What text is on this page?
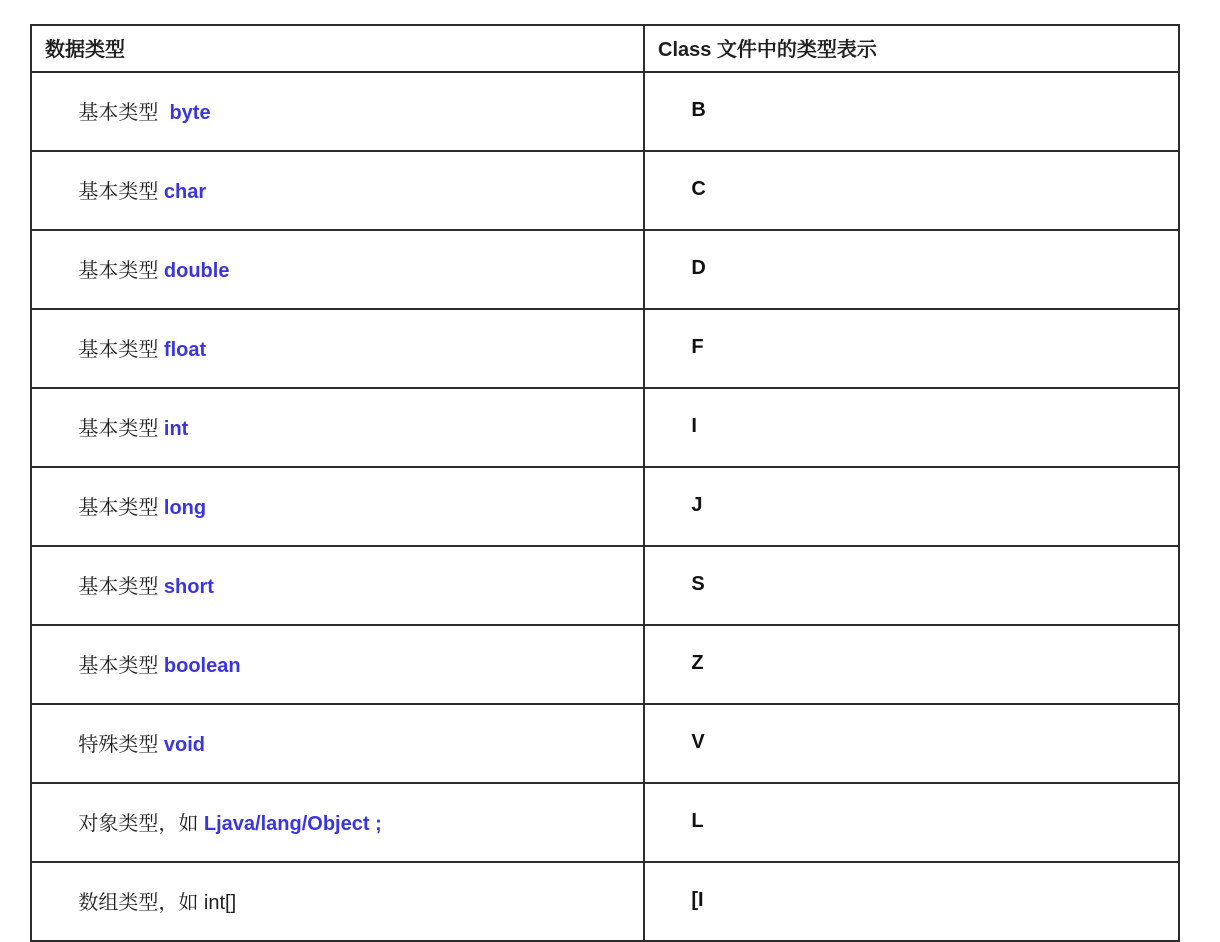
数据类型	Class 文件中的类型表示

基本类型  byte	B

基本类型 char	C

基本类型 double	D

基本类型 float	F

基本类型 int	I

基本类型 long	J

基本类型 short	S

基本类型 boolean	Z

特殊类型 void	V

对象类型，如 Ljava/lang/Object ;	L

数组类型，如 int[]	[I
